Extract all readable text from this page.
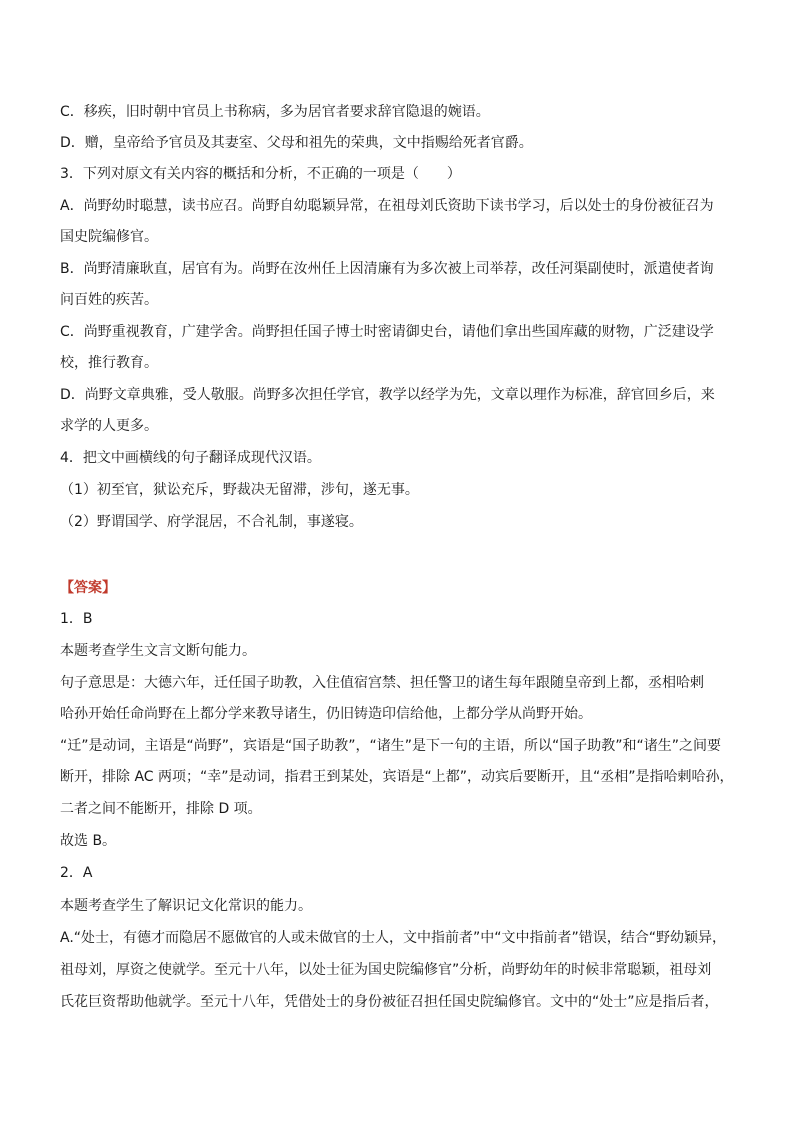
C．移疾，旧时朝中官员上书称病，多为居官者要求辞官隐退的婉语。
D．赠，皇帝给予官员及其妻室、父母和祖先的荣典，文中指赐给死者官爵。
3．下列对原文有关内容的概括和分析，不正确的一项是（　　）
A．尚野幼时聪慧，读书应召。尚野自幼聪颖异常，在祖母刘氏资助下读书学习，后以处士的身份被征召为
国史院编修官。
B．尚野清廉耿直，居官有为。尚野在汝州任上因清廉有为多次被上司举荐，改任河渠副使时，派遣使者询
问百姓的疾苦。
C．尚野重视教育，广建学舍。尚野担任国子博士时密请御史台，请他们拿出些国库藏的财物，广泛建设学
校，推行教育。
D．尚野文章典雅，受人敬服。尚野多次担任学官，教学以经学为先，文章以理作为标准，辞官回乡后，来
求学的人更多。
4．把文中画横线的句子翻译成现代汉语。
（1）初至官，狱讼充斥，野裁决无留滞，涉旬，遂无事。
（2）野谓国学、府学混居，不合礼制，事遂寝。
【答案】
1．B
本题考查学生文言文断句能力。
句子意思是：大德六年，迁任国子助教，入住值宿宫禁、担任警卫的诸生每年跟随皇帝到上都，丞相哈剌
哈孙开始任命尚野在上都分学来教导诸生，仍旧铸造印信给他，上都分学从尚野开始。
“迁”是动词，主语是“尚野”，宾语是“国子助教”，“诸生”是下一句的主语，所以“国子助教”和“诸生”之间要
断开，排除 AC 两项；“幸”是动词，指君王到某处，宾语是“上都”，动宾后要断开，且“丞相”是指哈剌哈孙，
二者之间不能断开，排除 D 项。
故选 B。
2．A
本题考查学生了解识记文化常识的能力。
A.“处士，有德才而隐居不愿做官的人或未做官的士人，文中指前者”中“文中指前者”错误，结合“野幼颖异，
祖母刘，厚资之使就学。至元十八年，以处士征为国史院编修官”分析，尚野幼年的时候非常聪颖，祖母刘
氏花巨资帮助他就学。至元十八年，凭借处士的身份被征召担任国史院编修官。文中的“处士”应是指后者，
